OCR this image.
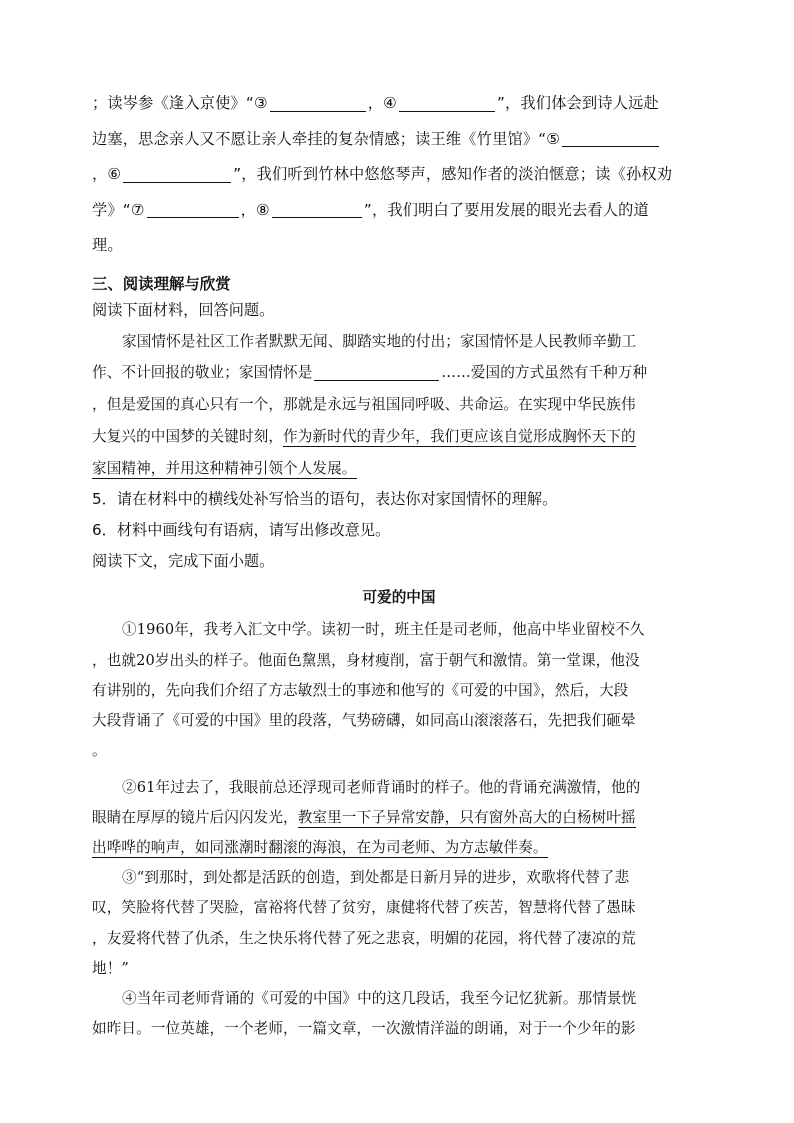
；读岑参《逢入京使》“③	，④	”，我们体会到诗人远赴
边塞，思念亲人又不愿让亲人牵挂的复杂情感；读王维《竹里馆》“⑤
，⑥	”，我们听到竹林中悠悠琴声，感知作者的淡泊惬意；读《孙权劝
学》“⑦	，⑧	”，我们明白了要用发展的眼光去看人的道
理。
三、阅读理解与欣赏
阅读下面材料，回答问题。
家国情怀是社区工作者默默无闻、脚踏实地的付出；家国情怀是人民教师辛勤工
作、不计回报的敬业；家国情怀是	……爱国的方式虽然有千种万种
，但是爱国的真心只有一个，那就是永远与祖国同呼吸、共命运。在实现中华民族伟
大复兴的中国梦的关键时刻，作为新时代的青少年，我们更应该自觉形成胸怀天下的
家国精神，并用这种精神引领个人发展。
5．请在材料中的横线处补写恰当的语句，表达你对家国情怀的理解。
6．材料中画线句有语病，请写出修改意见。
阅读下文，完成下面小题。
可爱的中国
①1960年，我考入汇文中学。读初一时，班主任是司老师，他高中毕业留校不久
，也就20岁出头的样子。他面色黧黑，身材瘦削，富于朝气和激情。第一堂课，他没
有讲别的，先向我们介绍了方志敏烈士的事迹和他写的《可爱的中国》，然后，大段
大段背诵了《可爱的中国》里的段落，气势磅礴，如同高山滚滚落石，先把我们砸晕
。
②61年过去了，我眼前总还浮现司老师背诵时的样子。他的背诵充满激情，他的
眼睛在厚厚的镜片后闪闪发光，教室里一下子异常安静，只有窗外高大的白杨树叶摇
出哗哗的响声，如同涨潮时翻滚的海浪，在为司老师、为方志敏伴奏。
③“到那时，到处都是活跃的创造，到处都是日新月异的进步，欢歌将代替了悲
叹，笑脸将代替了哭脸，富裕将代替了贫穷，康健将代替了疾苦，智慧将代替了愚昧
，友爱将代替了仇杀，生之快乐将代替了死之悲哀，明媚的花园，将代替了凄凉的荒
地！”
④当年司老师背诵的《可爱的中国》中的这几段话，我至今记忆犹新。那情景恍
如昨日。一位英雄，一个老师，一篇文章，一次激情洋溢的朗诵，对于一个少年的影
